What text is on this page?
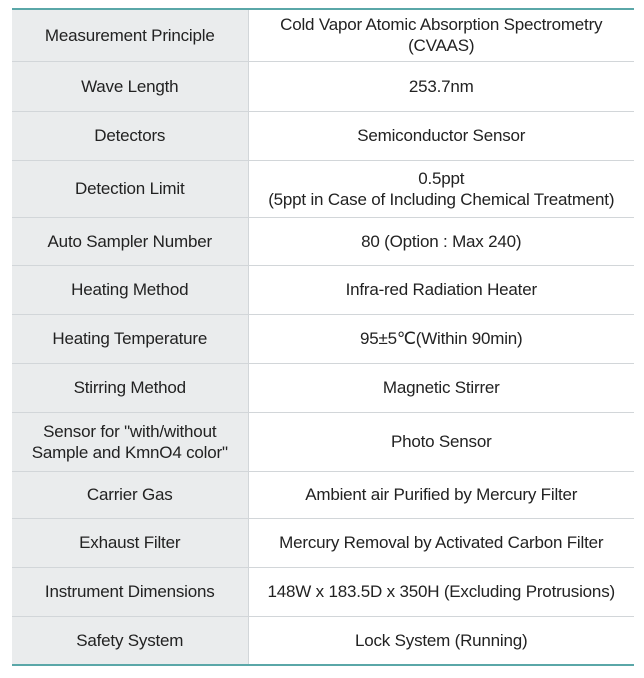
Measurement Principle	Cold Vapor Atomic Absorption Spectrometry
(CVAAS)

Wave Length	253.7nm

Detectors	Semiconductor Sensor

Detection Limit	0.5ppt
(5ppt in Case of Including Chemical Treatment)

Auto Sampler Number	80 (Option : Max 240)

Heating Method	Infra-red Radiation Heater

Heating Temperature	95±5℃(Within 90min)

Stirring Method	Magnetic Stirrer

Sensor for "with/without
Sample and KmnO4 color"	Photo Sensor

Carrier Gas	Ambient air Purified by Mercury Filter

Exhaust Filter	Mercury Removal by Activated Carbon Filter

Instrument Dimensions	148W x 183.5D x 350H (Excluding Protrusions)

Safety System	Lock System (Running)
